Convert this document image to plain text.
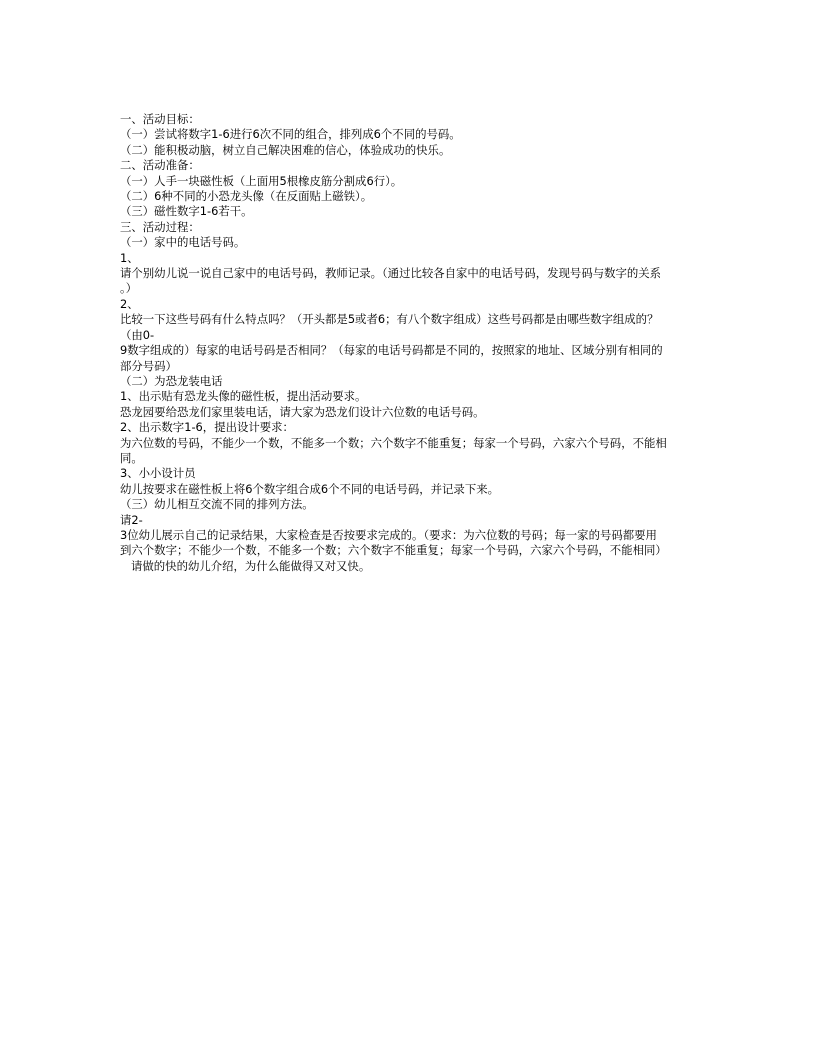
一、活动目标：
（一）尝试将数字1-6进行6次不同的组合，排列成6个不同的号码。
（二）能积极动脑，树立自己解决困难的信心，体验成功的快乐。
二、活动准备：
（一）人手一块磁性板（上面用5根橡皮筋分割成6行）。
（二）6种不同的小恐龙头像（在反面贴上磁铁）。
（三）磁性数字1-6若干。
三、活动过程：
（一）家中的电话号码。
1、
请个别幼儿说一说自己家中的电话号码，教师记录。（通过比较各自家中的电话号码，发现号码与数字的关系
。）
2、
比较一下这些号码有什么特点吗？（开头都是5或者6；有八个数字组成）这些号码都是由哪些数字组成的？
（由0-
9数字组成的）每家的电话号码是否相同？（每家的电话号码都是不同的，按照家的地址、区域分别有相同的
部分号码）
（二）为恐龙装电话
1、出示贴有恐龙头像的磁性板，提出活动要求。
恐龙园要给恐龙们家里装电话，请大家为恐龙们设计六位数的电话号码。
2、出示数字1-6，提出设计要求：
为六位数的号码，不能少一个数，不能多一个数；六个数字不能重复；每家一个号码，六家六个号码，不能相
同。
3、小小设计员
幼儿按要求在磁性板上将6个数字组合成6个不同的电话号码，并记录下来。
（三）幼儿相互交流不同的排列方法。
请2-
3位幼儿展示自己的记录结果，大家检查是否按要求完成的。（要求：为六位数的号码；每一家的号码都要用
到六个数字；不能少一个数，不能多一个数；六个数字不能重复；每家一个号码，六家六个号码，不能相同）
请做的快的幼儿介绍，为什么能做得又对又快。
